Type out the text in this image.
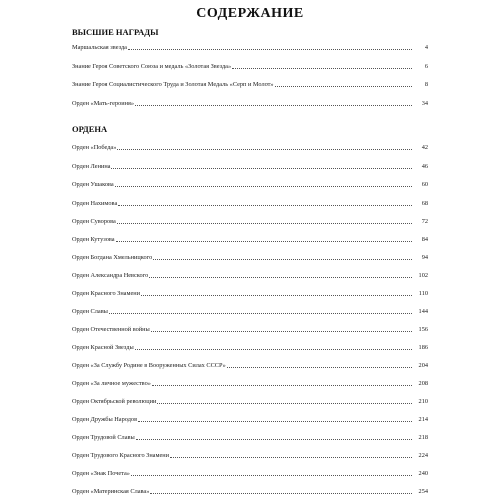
СОДЕРЖАНИЕ
ВЫСШИЕ НАГРАДЫ
Маршальская звезда	4
Знание Героя Советского Союза и медаль «Золотая Звезда»	6
Знание Героя Социалистического Труда и Золотая Медаль «Серп и Молот»	8
Орден «Мать-героиня»	34
ОРДЕНА
Орден «Победа»	42
Орден Ленина	46
Орден Ушакова	60
Орден Нахимова	68
Орден Суворова	72
Орден Кутузова	84
Орден Богдана Хмельницкого	94
Орден Александра Невского	102
Орден Красного Знамени	110
Орден Славы	144
Орден Отечественной войны	156
Орден Красной Звезды	186
Орден «За Службу Родине в Вооруженных Силах СССР»	204
Орден «За личное мужество»	208
Орден Октябрьской революции	210
Орден Дружбы Народов	214
Орден Трудовой Славы	218
Орден Трудового Красного Знамени	224
Орден «Знак Почета»	240
Орден «Материнская Слава»	254
